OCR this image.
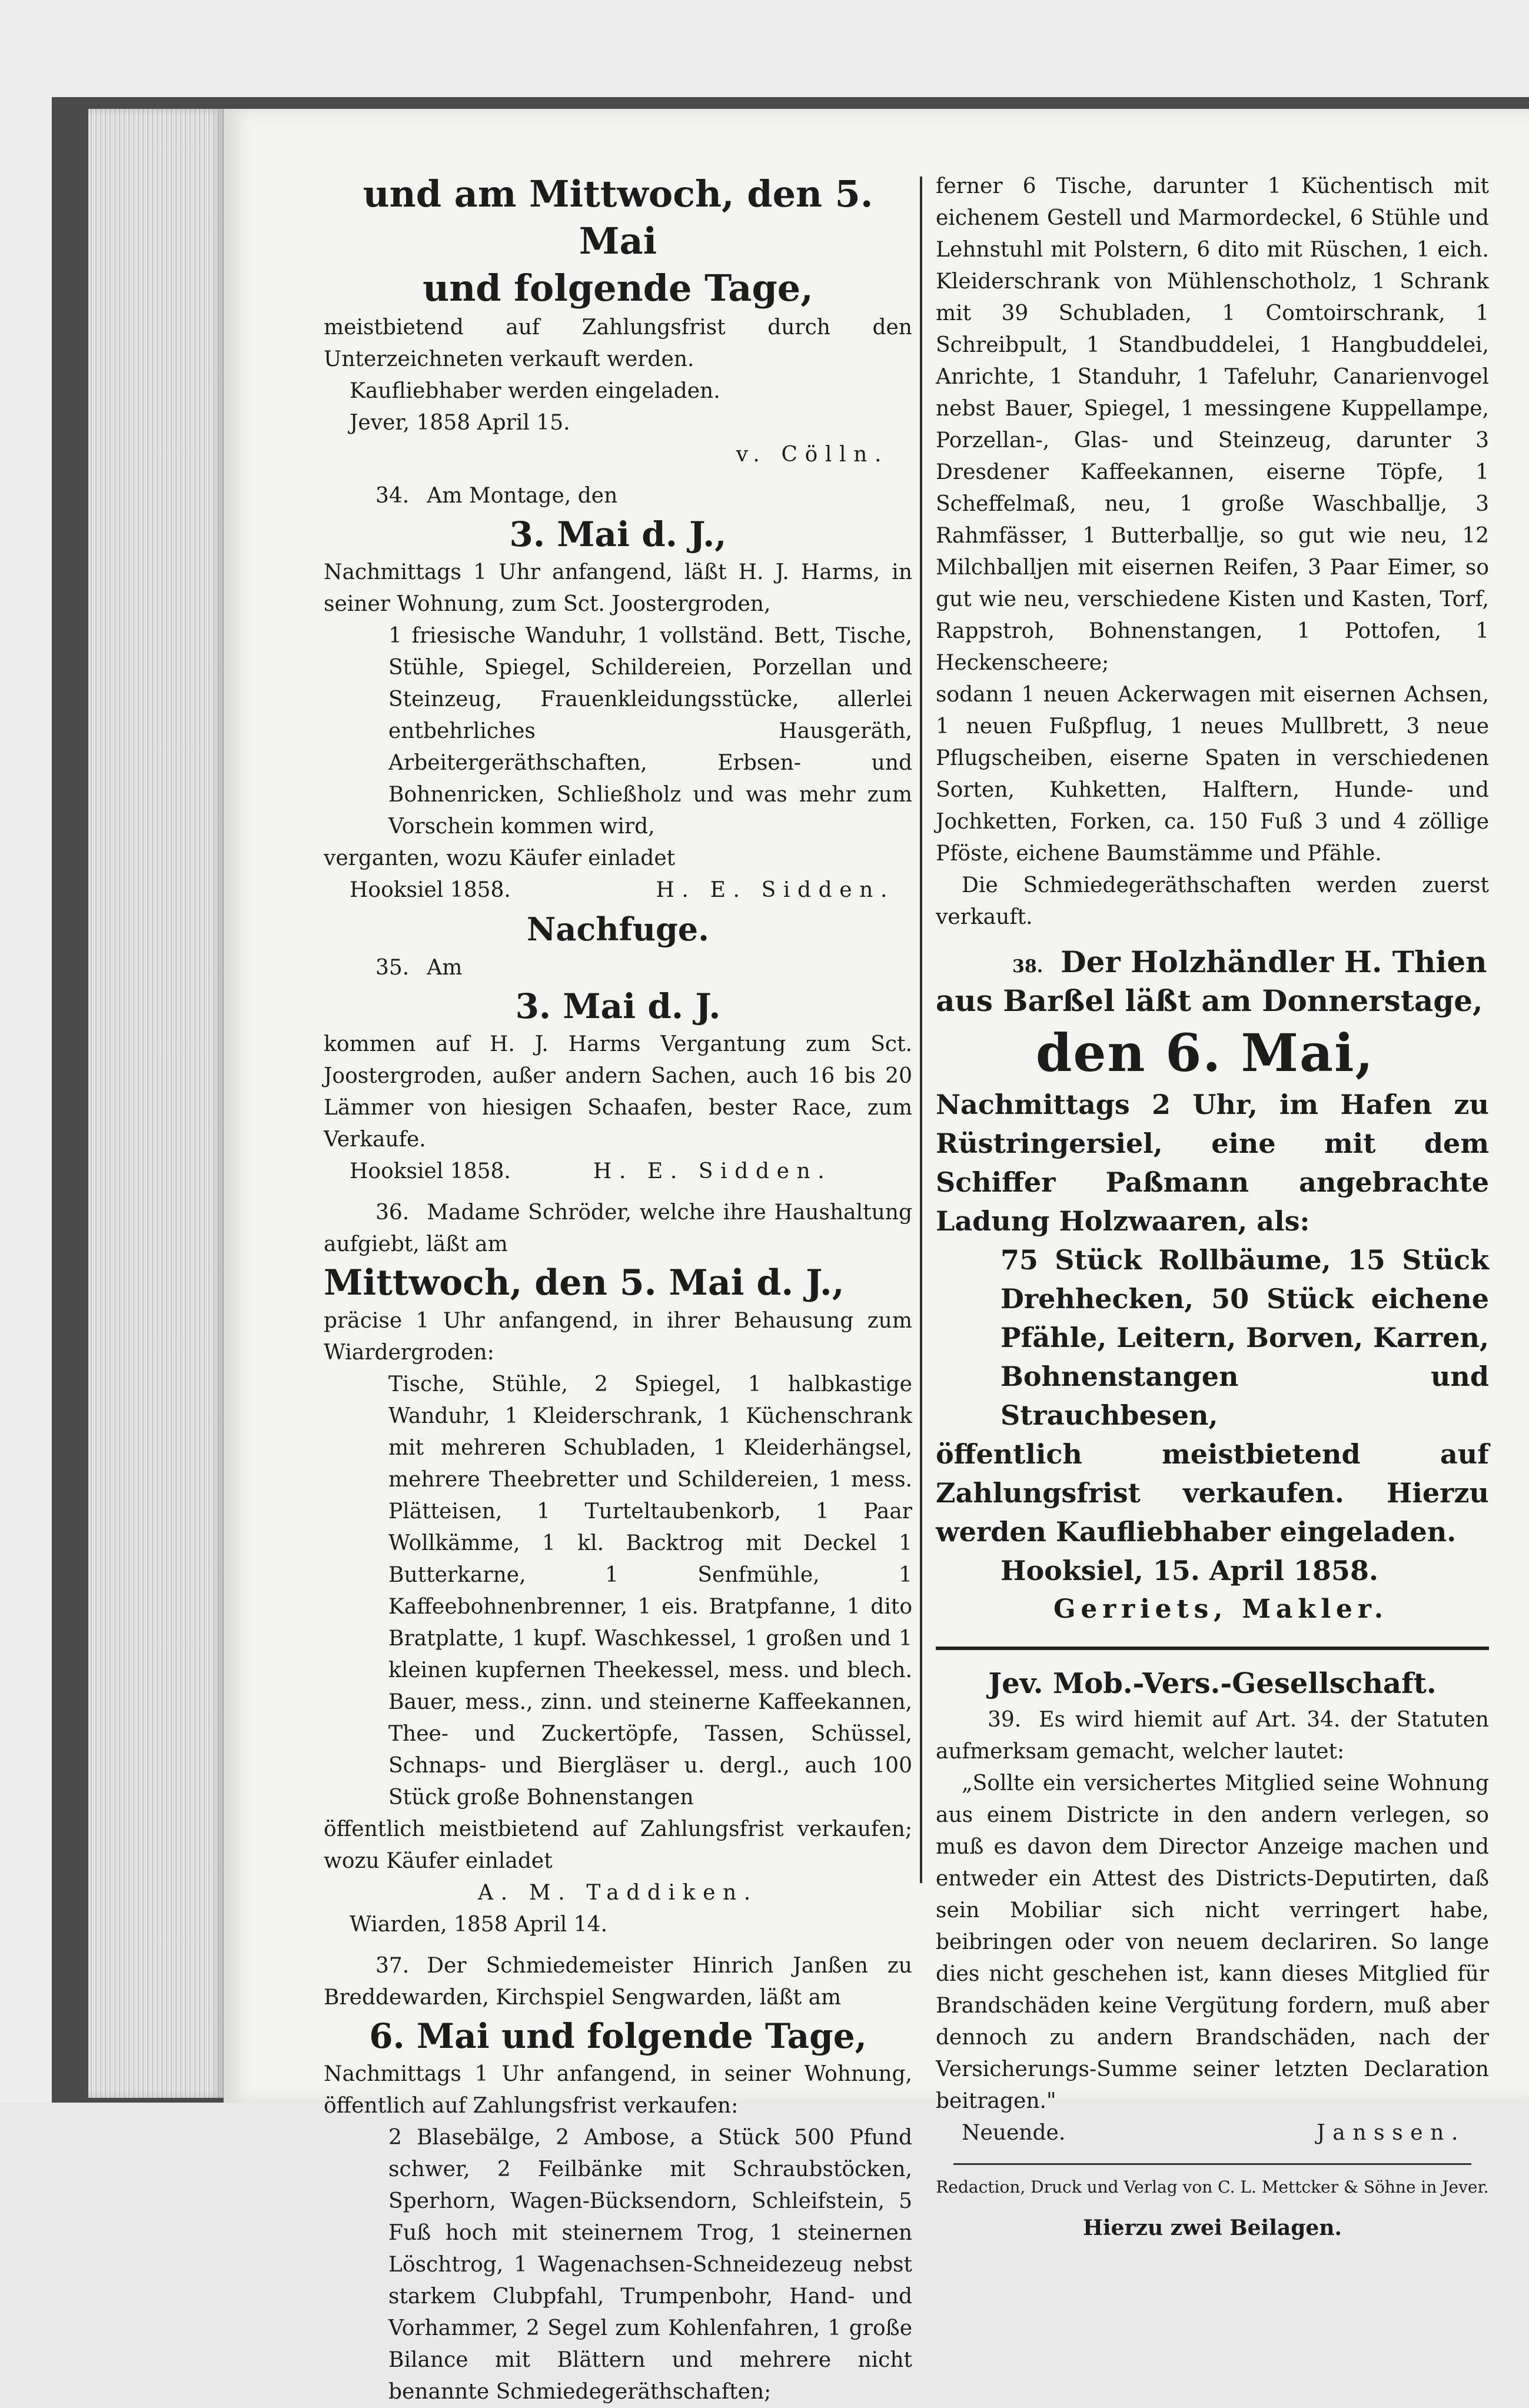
und am Mittwoch, den 5. Mai
und folgende Tage,
meistbietend auf Zahlungsfrist durch den Unterzeichneten verkauft werden.
Kaufliebhaber werden eingeladen.
Jever, 1858 April 15.
v. Cölln.
34. Am Montage, den
3. Mai d. J.,
Nachmittags 1 Uhr anfangend, läßt H. J. Harms, in seiner Wohnung, zum Sct. Joostergroden,
1 friesische Wanduhr, 1 vollständ. Bett, Tische, Stühle, Spiegel, Schildereien, Porzellan und Steinzeug, Frauenkleidungsstücke, allerlei entbehrliches Hausgeräth, Arbeitergeräthschaften, Erbsen- und Bohnenricken, Schließholz und was mehr zum Vorschein kommen wird,
verganten, wozu Käufer einladet
Hooksiel 1858.	H. E. Sidden.
Nachfuge.
35. Am
3. Mai d. J.
kommen auf H. J. Harms Vergantung zum Sct. Joostergroden, außer andern Sachen, auch 16 bis 20 Lämmer von hiesigen Schaafen, bester Race, zum Verkaufe.
Hooksiel 1858.	H. E. Sidden.
36. Madame Schröder, welche ihre Haushaltung aufgiebt, läßt am
Mittwoch, den 5. Mai d. J.,
präcise 1 Uhr anfangend, in ihrer Behausung zum Wiardergroden:
Tische, Stühle, 2 Spiegel, 1 halbkastige Wanduhr, 1 Kleiderschrank, 1 Küchenschrank mit mehreren Schubladen, 1 Kleiderhängsel, mehrere Theebretter und Schildereien, 1 mess. Plätteisen, 1 Turteltaubenkorb, 1 Paar Wollkämme, 1 kl. Backtrog mit Deckel 1 Butterkarne, 1 Senfmühle, 1 Kaffeebohnenbrenner, 1 eis. Bratpfanne, 1 dito Bratplatte, 1 kupf. Waschkessel, 1 großen und 1 kleinen kupfernen Theekessel, mess. und blech. Bauer, mess., zinn. und steinerne Kaffeekannen, Thee- und Zuckertöpfe, Tassen, Schüssel, Schnaps- und Biergläser u. dergl., auch 100 Stück große Bohnenstangen
öffentlich meistbietend auf Zahlungsfrist verkaufen; wozu Käufer einladet
A. M. Taddiken.
Wiarden, 1858 April 14.
37. Der Schmiedemeister Hinrich Janßen zu Breddewarden, Kirchspiel Sengwarden, läßt am
6. Mai und folgende Tage,
Nachmittags 1 Uhr anfangend, in seiner Wohnung, öffentlich auf Zahlungsfrist verkaufen:
2 Blasebälge, 2 Ambose, a Stück 500 Pfund schwer, 2 Feilbänke mit Schraubstöcken, Sperhorn, Wagen-Bücksendorn, Schleifstein, 5 Fuß hoch mit steinernem Trog, 1 steinernen Löschtrog, 1 Wagenachsen-Schneidezeug nebst starkem Clubpfahl, Trumpenbohr, Hand- und Vorhammer, 2 Segel zum Kohlenfahren, 1 große Bilance mit Blättern und mehrere nicht benannte Schmiedegeräthschaften;
ferner 6 Tische, darunter 1 Küchentisch mit eichenem Gestell und Marmordeckel, 6 Stühle und Lehnstuhl mit Polstern, 6 dito mit Rüschen, 1 eich. Kleiderschrank von Mühlenschotholz, 1 Schrank mit 39 Schubladen, 1 Comtoirschrank, 1 Schreibpult, 1 Standbuddelei, 1 Hangbuddelei, Anrichte, 1 Standuhr, 1 Tafeluhr, Canarienvogel nebst Bauer, Spiegel, 1 messingene Kuppellampe, Porzellan-, Glas- und Steinzeug, darunter 3 Dresdener Kaffeekannen, eiserne Töpfe, 1 Scheffelmaß, neu, 1 große Waschballje, 3 Rahmfässer, 1 Butterballje, so gut wie neu, 12 Milchballjen mit eisernen Reifen, 3 Paar Eimer, so gut wie neu, verschiedene Kisten und Kasten, Torf, Rappstroh, Bohnenstangen, 1 Pottofen, 1 Heckenscheere;
sodann 1 neuen Ackerwagen mit eisernen Achsen, 1 neuen Fußpflug, 1 neues Mullbrett, 3 neue Pflugscheiben, eiserne Spaten in verschiedenen Sorten, Kuhketten, Halftern, Hunde- und Jochketten, Forken, ca. 150 Fuß 3 und 4 zöllige Pföste, eichene Baumstämme und Pfähle.
Die Schmiedegeräthschaften werden zuerst verkauft.
38. Der Holzhändler H. Thien
aus Barßel läßt am Donnerstage,
den 6. Mai,
Nachmittags 2 Uhr, im Hafen zu Rüstringersiel, eine mit dem Schiffer Paßmann angebrachte Ladung Holzwaaren, als:
75 Stück Rollbäume, 15 Stück Drehhecken, 50 Stück eichene Pfähle, Leitern, Borven, Karren, Bohnenstangen und Strauchbesen,
öffentlich meistbietend auf Zahlungsfrist verkaufen. Hierzu werden Kaufliebhaber eingeladen.
Hooksiel, 15. April 1858.
Gerriets, Makler.
Jev. Mob.-Vers.-Gesellschaft.
39. Es wird hiemit auf Art. 34. der Statuten aufmerksam gemacht, welcher lautet:
„Sollte ein versichertes Mitglied seine Wohnung aus einem Districte in den andern verlegen, so muß es davon dem Director Anzeige machen und entweder ein Attest des Districts-Deputirten, daß sein Mobiliar sich nicht verringert habe, beibringen oder von neuem declariren. So lange dies nicht geschehen ist, kann dieses Mitglied für Brandschäden keine Vergütung fordern, muß aber dennoch zu andern Brandschäden, nach der Versicherungs-Summe seiner letzten Declaration beitragen."
Neuende.	Janssen.
Redaction, Druck und Verlag von C. L. Mettcker & Söhne in Jever.
Hierzu zwei Beilagen.
